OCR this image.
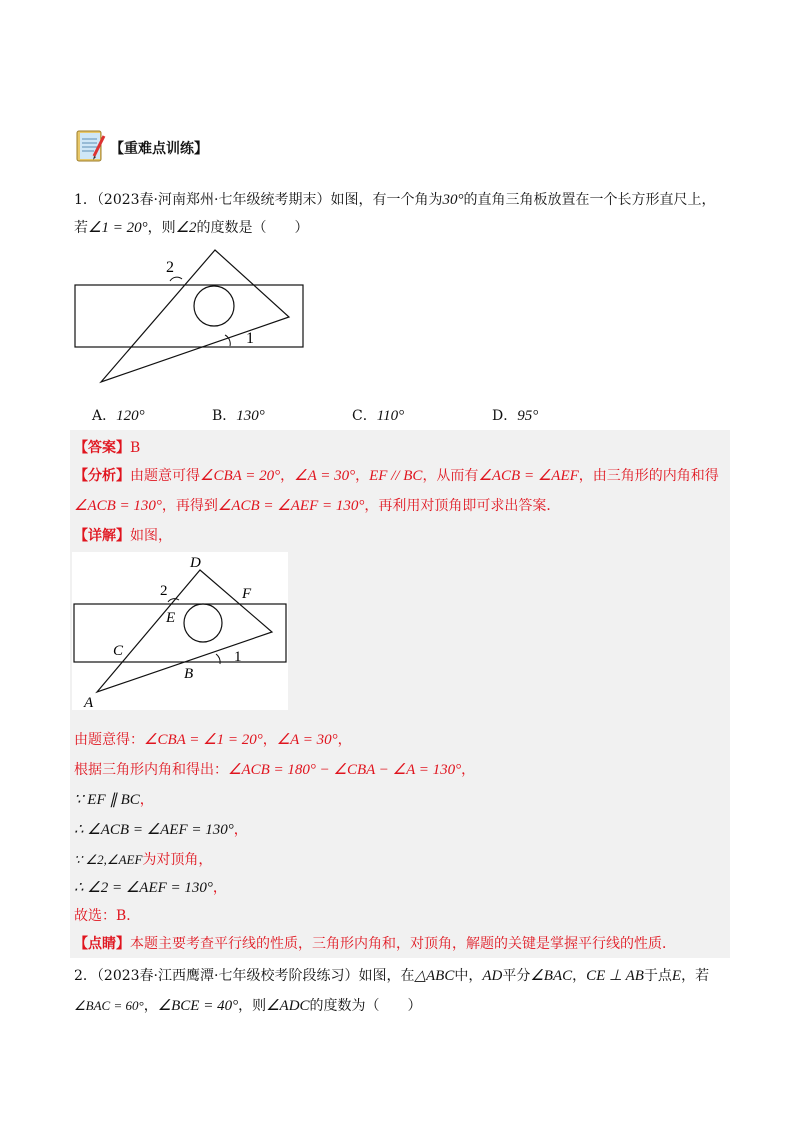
【重难点训练】
1．（2023春·河南郑州·七年级统考期末）如图，有一个角为30°的直角三角板放置在一个长方形直尺上，
若∠1 = 20°，则∠2的度数是（　　）
2
1
A．120°	B．130°	C．110°	D．95°
【答案】B
【分析】由题意可得∠CBA = 20°，∠A = 30°，EF // BC，从而有∠ACB = ∠AEF，由三角形的内角和得
∠ACB = 130°，再得到∠ACB = ∠AEF = 130°，再利用对顶角即可求出答案．
【详解】如图，
D
2	F
E
C	1
B
A
由题意得：∠CBA = ∠1 = 20°，∠A = 30°，
根据三角形内角和得出：∠ACB = 180° − ∠CBA − ∠A = 130°，
∵ EF ∥ BC，
∴ ∠ACB = ∠AEF = 130°，
∵ ∠2,∠AEF为对顶角，
∴ ∠2 = ∠AEF = 130°，
故选：B．
【点睛】本题主要考查平行线的性质，三角形内角和，对顶角，解题的关键是掌握平行线的性质．
2．（2023春·江西鹰潭·七年级校考阶段练习）如图，在△ABC中，AD平分∠BAC，CE ⊥ AB于点E，若
∠BAC = 60°，∠BCE = 40°，则∠ADC的度数为（　　）
